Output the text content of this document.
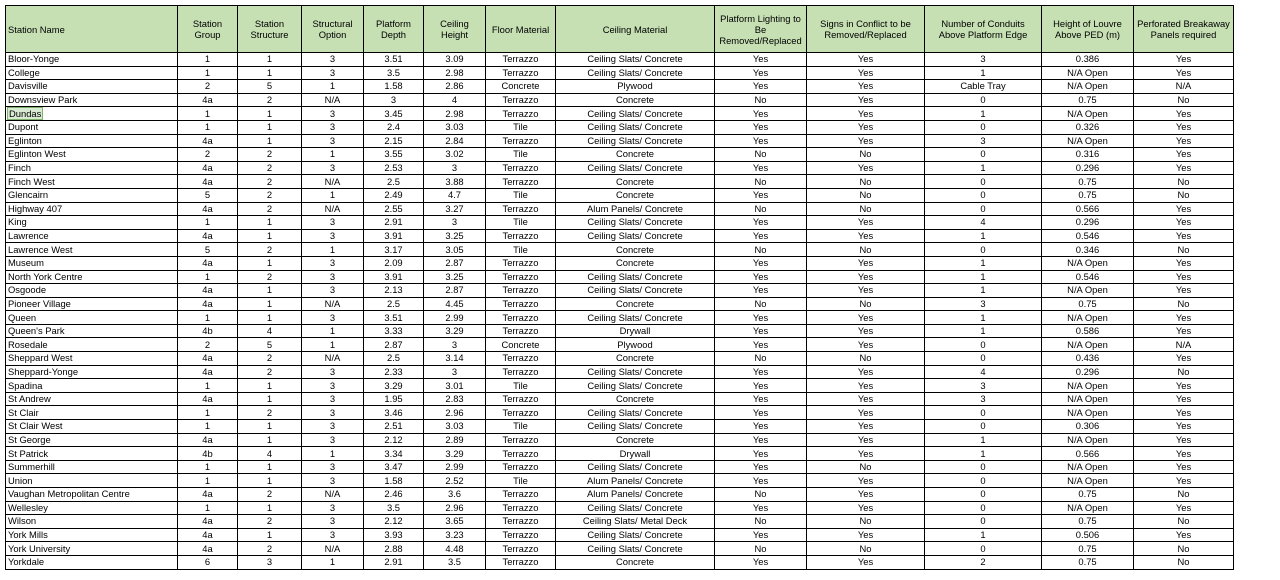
Station Name	Station Group	Station Structure	Structural Option	Platform Depth	Ceiling Height	Floor Material	Ceiling Material	Platform Lighting to Be Removed/Replaced	Signs in Conflict to be Removed/Replaced	Number of Conduits Above Platform Edge	Height of Louvre Above PED (m)	Perforated Breakaway Panels required
Bloor-Yonge	1	1	3	3.51	3.09	Terrazzo	Ceiling Slats/ Concrete	Yes	Yes	3	0.386	Yes
College	1	1	3	3.5	2.98	Terrazzo	Ceiling Slats/ Concrete	Yes	Yes	1	N/A Open	Yes
Davisville	2	5	1	1.58	2.86	Concrete	Plywood	Yes	Yes	Cable Tray	N/A Open	N/A
Downsview Park	4a	2	N/A	3	4	Terrazzo	Concrete	No	Yes	0	0.75	No
Dundas	1	1	3	3.45	2.98	Terrazzo	Ceiling Slats/ Concrete	Yes	Yes	1	N/A Open	Yes
Dupont	1	1	3	2.4	3.03	Tile	Ceiling Slats/ Concrete	Yes	Yes	0	0.326	Yes
Eglinton	4a	1	3	2.15	2.84	Terrazzo	Ceiling Slats/ Concrete	Yes	Yes	3	N/A Open	Yes
Eglinton West	2	2	1	3.55	3.02	Tile	Concrete	No	No	0	0.316	Yes
Finch	4a	2	3	2.53	3	Terrazzo	Ceiling Slats/ Concrete	Yes	Yes	1	0.296	Yes
Finch West	4a	2	N/A	2.5	3.88	Terrazzo	Concrete	No	No	0	0.75	No
Glencairn	5	2	1	2.49	4.7	Tile	Concrete	Yes	No	0	0.75	No
Highway 407	4a	2	N/A	2.55	3.27	Terrazzo	Alum Panels/ Concrete	No	No	0	0.566	Yes
King	1	1	3	2.91	3	Tile	Ceiling Slats/ Concrete	Yes	Yes	4	0.296	Yes
Lawrence	4a	1	3	3.91	3.25	Terrazzo	Ceiling Slats/ Concrete	Yes	Yes	1	0.546	Yes
Lawrence West	5	2	1	3.17	3.05	Tile	Concrete	No	No	0	0.346	No
Museum	4a	1	3	2.09	2.87	Terrazzo	Concrete	Yes	Yes	1	N/A Open	Yes
North York Centre	1	2	3	3.91	3.25	Terrazzo	Ceiling Slats/ Concrete	Yes	Yes	1	0.546	Yes
Osgoode	4a	1	3	2.13	2.87	Terrazzo	Ceiling Slats/ Concrete	Yes	Yes	1	N/A Open	Yes
Pioneer Village	4a	1	N/A	2.5	4.45	Terrazzo	Concrete	No	No	3	0.75	No
Queen	1	1	3	3.51	2.99	Terrazzo	Ceiling Slats/ Concrete	Yes	Yes	1	N/A Open	Yes
Queen's Park	4b	4	1	3.33	3.29	Terrazzo	Drywall	Yes	Yes	1	0.586	Yes
Rosedale	2	5	1	2.87	3	Concrete	Plywood	Yes	Yes	0	N/A Open	N/A
Sheppard West	4a	2	N/A	2.5	3.14	Terrazzo	Concrete	No	No	0	0.436	Yes
Sheppard-Yonge	4a	2	3	2.33	3	Terrazzo	Ceiling Slats/ Concrete	Yes	Yes	4	0.296	No
Spadina	1	1	3	3.29	3.01	Tile	Ceiling Slats/ Concrete	Yes	Yes	3	N/A Open	Yes
St Andrew	4a	1	3	1.95	2.83	Terrazzo	Concrete	Yes	Yes	3	N/A Open	Yes
St Clair	1	2	3	3.46	2.96	Terrazzo	Ceiling Slats/ Concrete	Yes	Yes	0	N/A Open	Yes
St Clair West	1	1	3	2.51	3.03	Tile	Ceiling Slats/ Concrete	Yes	Yes	0	0.306	Yes
St George	4a	1	3	2.12	2.89	Terrazzo	Concrete	Yes	Yes	1	N/A Open	Yes
St Patrick	4b	4	1	3.34	3.29	Terrazzo	Drywall	Yes	Yes	1	0.566	Yes
Summerhill	1	1	3	3.47	2.99	Terrazzo	Ceiling Slats/ Concrete	Yes	No	0	N/A Open	Yes
Union	1	1	3	1.58	2.52	Tile	Alum Panels/ Concrete	Yes	Yes	0	N/A Open	Yes
Vaughan Metropolitan Centre	4a	2	N/A	2.46	3.6	Terrazzo	Alum Panels/ Concrete	No	Yes	0	0.75	No
Wellesley	1	1	3	3.5	2.96	Terrazzo	Ceiling Slats/ Concrete	Yes	Yes	0	N/A Open	Yes
Wilson	4a	2	3	2.12	3.65	Terrazzo	Ceiling Slats/ Metal Deck	No	No	0	0.75	No
York Mills	4a	1	3	3.93	3.23	Terrazzo	Ceiling Slats/ Concrete	Yes	Yes	1	0.506	Yes
York University	4a	2	N/A	2.88	4.48	Terrazzo	Ceiling Slats/ Concrete	No	No	0	0.75	No
Yorkdale	6	3	1	2.91	3.5	Terrazzo	Concrete	Yes	Yes	2	0.75	No
